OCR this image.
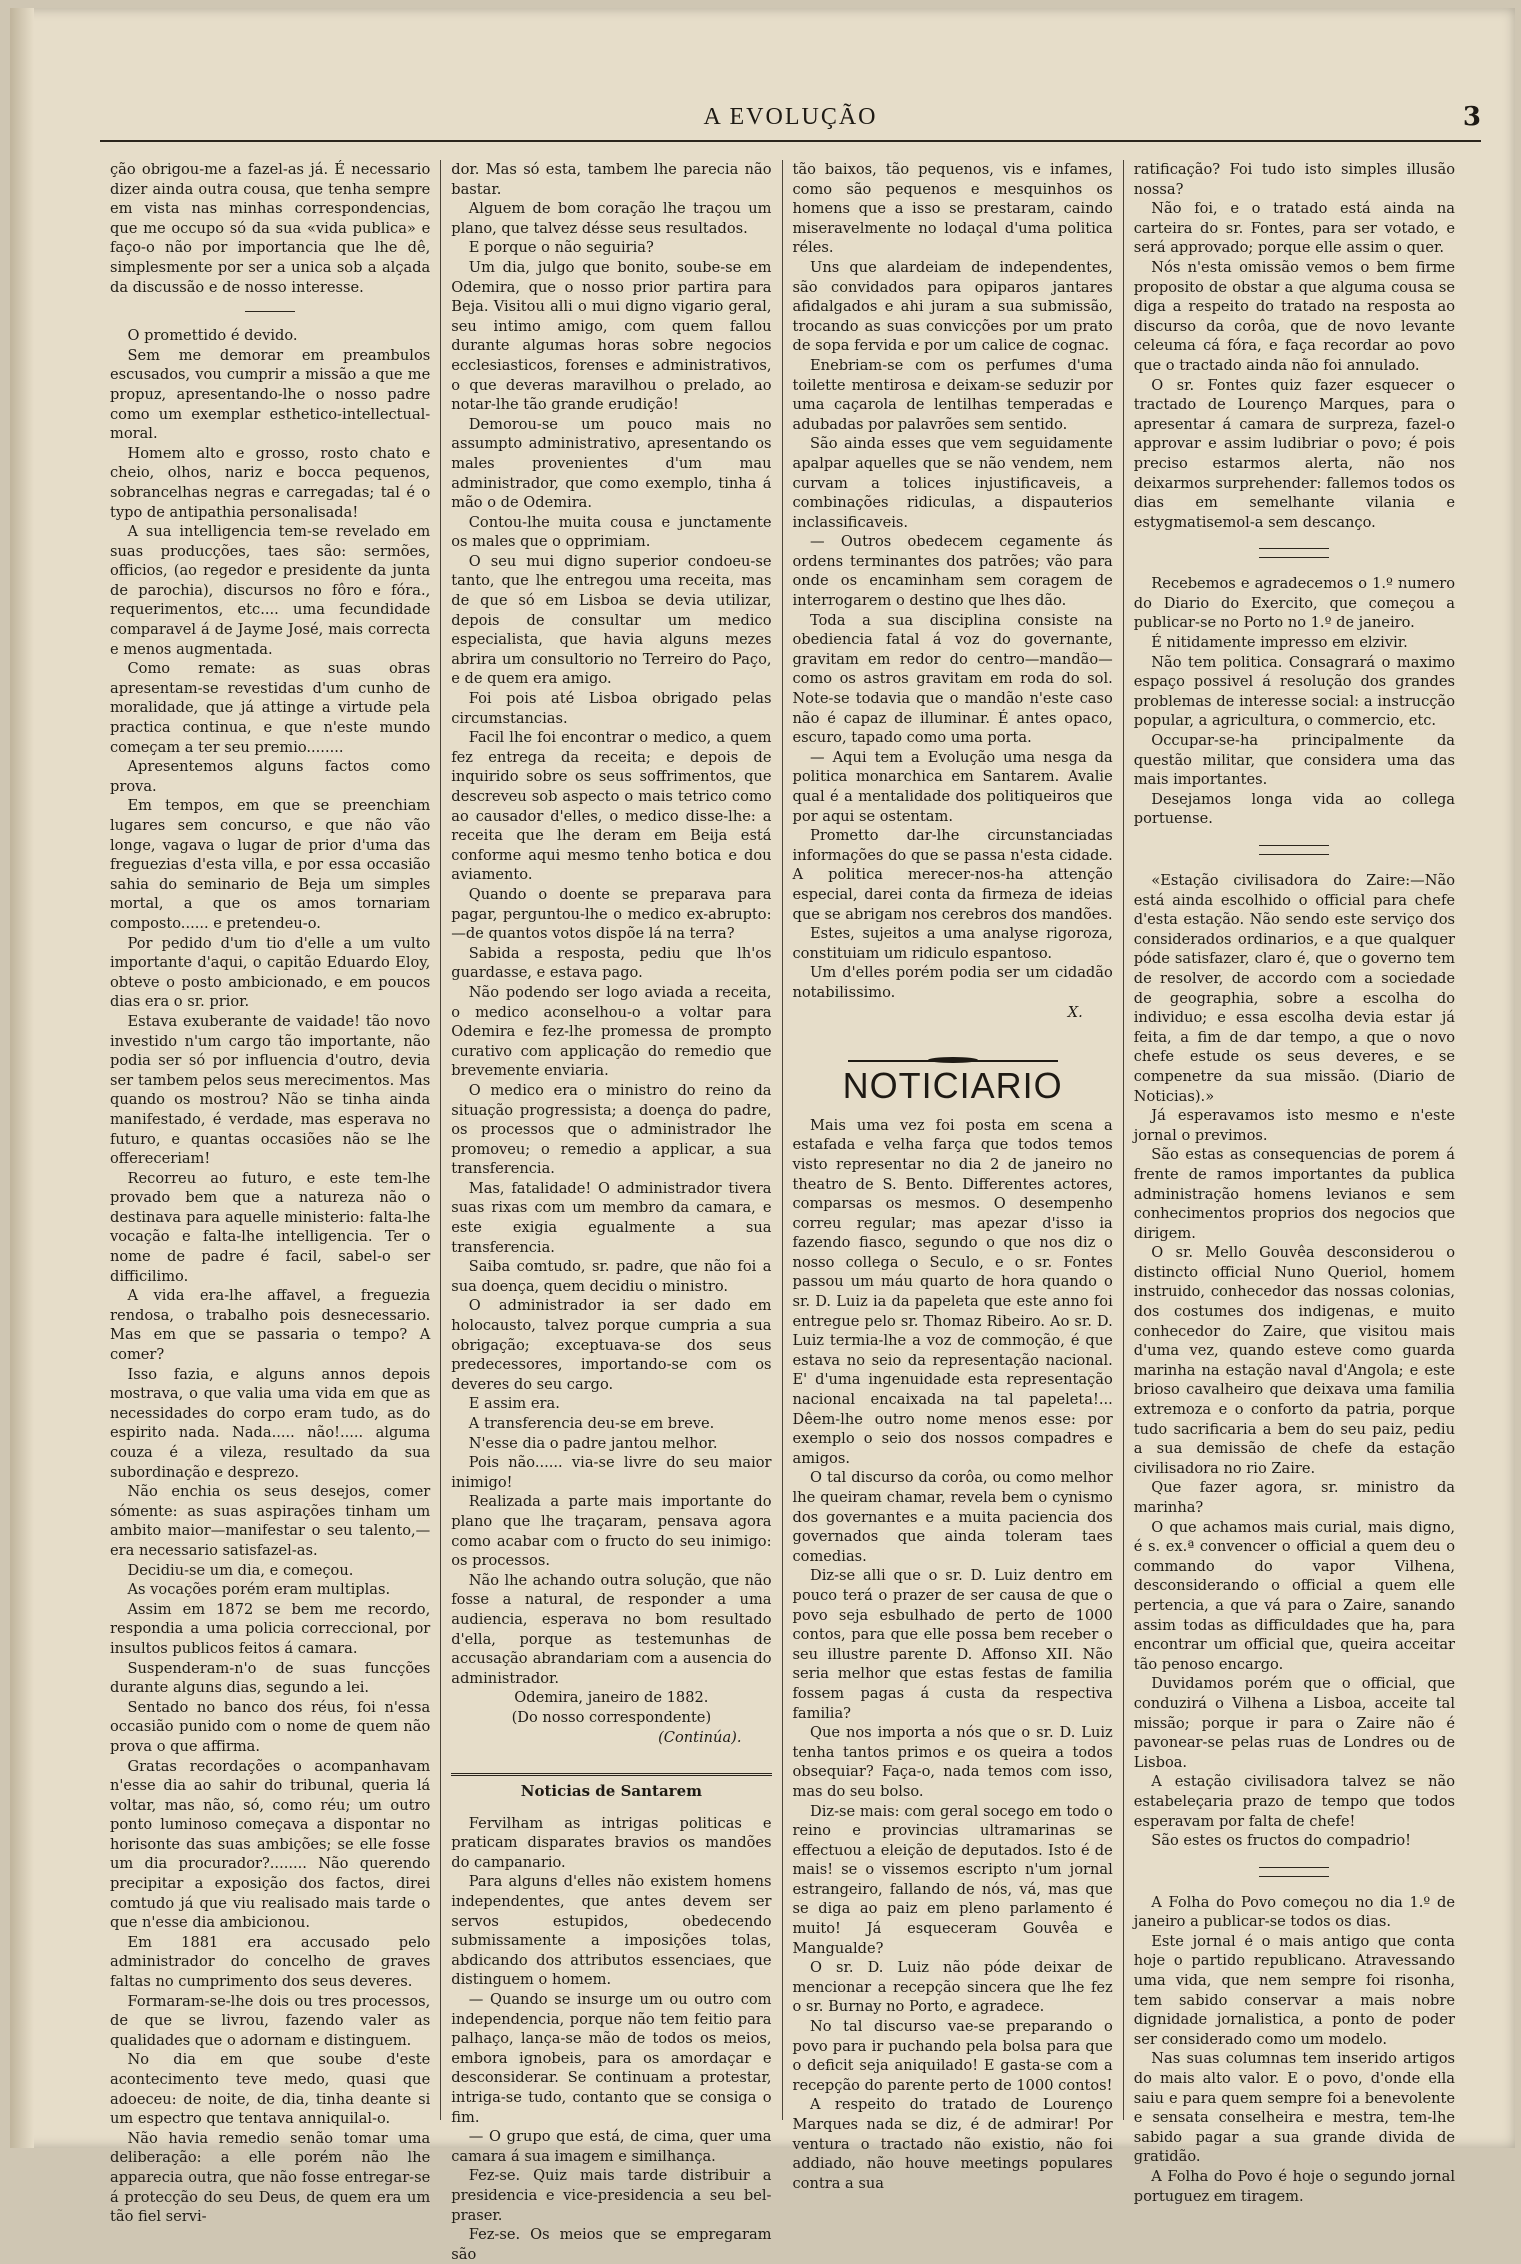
A EVOLUÇÃO	3

ção obrigou-me a fazel-as já. É necessario dizer ainda outra cousa, que tenha sempre em vista nas minhas correspondencias, que me occupo só da sua «vida publica» e faço-o não por importancia que lhe dê, simplesmente por ser a unica sob a alçada da discussão e de nosso interesse.

O promettido é devido.

Sem me demorar em preambulos escusados, vou cumprir a missão a que me propuz, apresentando-lhe o nosso padre como um exemplar esthetico-intellectual-moral.

Homem alto e grosso, rosto chato e cheio, olhos, nariz e bocca pequenos, sobrancelhas negras e carregadas; tal é o typo de antipathia personalisada!

A sua intelligencia tem-se revelado em suas producções, taes são: sermões, officios, (ao regedor e presidente da junta de parochia), discursos no fôro e fóra., requerimentos, etc.... uma fecundidade comparavel á de Jayme José, mais correcta e menos augmentada.

Como remate: as suas obras apresentam-se revestidas d'um cunho de moralidade, que já attinge a virtude pela practica continua, e que n'este mundo começam a ter seu premio........

Apresentemos alguns factos como prova.

Em tempos, em que se preenchiam lugares sem concurso, e que não vão longe, vagava o lugar de prior d'uma das freguezias d'esta villa, e por essa occasião sahia do seminario de Beja um simples mortal, a que os amos tornariam composto...... e pretendeu-o.

Por pedido d'um tio d'elle a um vulto importante d'aqui, o capitão Eduardo Eloy, obteve o posto ambicionado, e em poucos dias era o sr. prior.

Estava exuberante de vaidade! tão novo investido n'um cargo tão importante, não podia ser só por influencia d'outro, devia ser tambem pelos seus merecimentos. Mas quando os mostrou? Não se tinha ainda manifestado, é verdade, mas esperava no futuro, e quantas occasiões não se lhe offereceriam!

Recorreu ao futuro, e este tem-lhe provado bem que a natureza não o destinava para aquelle ministerio: falta-lhe vocação e falta-lhe intelligencia. Ter o nome de padre é facil, sabel-o ser difficilimo.

A vida era-lhe affavel, a freguezia rendosa, o trabalho pois desnecessario. Mas em que se passaria o tempo? A comer?

Isso fazia, e alguns annos depois mostrava, o que valia uma vida em que as necessidades do corpo eram tudo, as do espirito nada. Nada..... não!..... alguma couza é a vileza, resultado da sua subordinação e desprezo.

Não enchia os seus desejos, comer sómente: as suas aspirações tinham um ambito maior—manifestar o seu talento,—era necessario satisfazel-as.

Decidiu-se um dia, e começou.

As vocações porém eram multiplas.

Assim em 1872 se bem me recordo, respondia a uma policia correccional, por insultos publicos feitos á camara.

Suspenderam-n'o de suas funcções durante alguns dias, segundo a lei.

Sentado no banco dos réus, foi n'essa occasião punido com o nome de quem não prova o que affirma.

Gratas recordações o acompanhavam n'esse dia ao sahir do tribunal, queria lá voltar, mas não, só, como réu; um outro ponto luminoso começava a dispontar no horisonte das suas ambições; se elle fosse um dia procurador?........ Não querendo precipitar a exposição dos factos, direi comtudo já que viu realisado mais tarde o que n'esse dia ambicionou.

Em 1881 era accusado pelo administrador do concelho de graves faltas no cumprimento dos seus deveres.

Formaram-se-lhe dois ou tres processos, de que se livrou, fazendo valer as qualidades que o adornam e distinguem.

No dia em que soube d'este acontecimento teve medo, quasi que adoeceu: de noite, de dia, tinha deante si um espectro que tentava anniquilal-o.

Não havia remedio senão tomar uma deliberação: a elle porém não lhe apparecia outra, que não fosse entregar-se á protecção do seu Deus, de quem era um tão fiel servi-

dor. Mas só esta, tambem lhe parecia não bastar.

Alguem de bom coração lhe traçou um plano, que talvez désse seus resultados.

E porque o não seguiria?

Um dia, julgo que bonito, soube-se em Odemira, que o nosso prior partira para Beja. Visitou alli o mui digno vigario geral, seu intimo amigo, com quem fallou durante algumas horas sobre negocios ecclesiasticos, forenses e administrativos, o que deveras maravilhou o prelado, ao notar-lhe tão grande erudição!

Demorou-se um pouco mais no assumpto administrativo, apresentando os males provenientes d'um mau administrador, que como exemplo, tinha á mão o de Odemira.

Contou-lhe muita cousa e junctamente os males que o opprimiam.

O seu mui digno superior condoeu-se tanto, que lhe entregou uma receita, mas de que só em Lisboa se devia utilizar, depois de consultar um medico especialista, que havia alguns mezes abrira um consultorio no Terreiro do Paço, e de quem era amigo.

Foi pois até Lisboa obrigado pelas circumstancias.

Facil lhe foi encontrar o medico, a quem fez entrega da receita; e depois de inquirido sobre os seus soffrimentos, que descreveu sob aspecto o mais tetrico como ao causador d'elles, o medico disse-lhe: a receita que lhe deram em Beija está conforme aqui mesmo tenho botica e dou aviamento.

Quando o doente se preparava para pagar, perguntou-lhe o medico ex-abrupto:—de quantos votos dispõe lá na terra?

Sabida a resposta, pediu que lh'os guardasse, e estava pago.

Não podendo ser logo aviada a receita, o medico aconselhou-o a voltar para Odemira e fez-lhe promessa de prompto curativo com applicação do remedio que brevemente enviaria.

O medico era o ministro do reino da situação progressista; a doença do padre, os processos que o administrador lhe promoveu; o remedio a applicar, a sua transferencia.

Mas, fatalidade! O administrador tivera suas rixas com um membro da camara, e este exigia egualmente a sua transferencia.

Saiba comtudo, sr. padre, que não foi a sua doença, quem decidiu o ministro.

O administrador ia ser dado em holocausto, talvez porque cumpria a sua obrigação; exceptuava-se dos seus predecessores, importando-se com os deveres do seu cargo.

E assim era.

A transferencia deu-se em breve.

N'esse dia o padre jantou melhor.

Pois não...... via-se livre do seu maior inimigo!

Realizada a parte mais importante do plano que lhe traçaram, pensava agora como acabar com o fructo do seu inimigo: os processos.

Não lhe achando outra solução, que não fosse a natural, de responder a uma audiencia, esperava no bom resultado d'ella, porque as testemunhas de accusação abrandariam com a ausencia do administrador.

Odemira, janeiro de 1882.

(Do nosso correspondente)

(Continúa).

Noticias de Santarem

Fervilham as intrigas politicas e praticam disparates bravios os mandões do campanario.

Para alguns d'elles não existem homens independentes, que antes devem ser servos estupidos, obedecendo submissamente a imposições tolas, abdicando dos attributos essenciaes, que distinguem o homem.

— Quando se insurge um ou outro com independencia, porque não tem feitio para palhaço, lança-se mão de todos os meios, embora ignobeis, para os amordaçar e desconsiderar. Se continuam a protestar, intriga-se tudo, contanto que se consiga o fim.

— O grupo que está, de cima, quer uma camara á sua imagem e similhança.

Fez-se. Quiz mais tarde distribuir a presidencia e vice-presidencia a seu bel-praser.

Fez-se. Os meios que se empregaram são

tão baixos, tão pequenos, vis e infames, como são pequenos e mesquinhos os homens que a isso se prestaram, caindo miseravelmente no lodaçal d'uma politica réles.

Uns que alardeiam de independentes, são convidados para opiparos jantares afidalgados e ahi juram a sua submissão, trocando as suas convicções por um prato de sopa fervida e por um calice de cognac.

Enebriam-se com os perfumes d'uma toilette mentirosa e deixam-se seduzir por uma caçarola de lentilhas temperadas e adubadas por palavrões sem sentido.

São ainda esses que vem seguidamente apalpar aquelles que se não vendem, nem curvam a tolices injustificaveis, a combinações ridiculas, a dispauterios inclassificaveis.

— Outros obedecem cegamente ás ordens terminantes dos patrões; vão para onde os encaminham sem coragem de interrogarem o destino que lhes dão.

Toda a sua disciplina consiste na obediencia fatal á voz do governante, gravitam em redor do centro—mandão—como os astros gravitam em roda do sol. Note-se todavia que o mandão n'este caso não é capaz de illuminar. É antes opaco, escuro, tapado como uma porta.

— Aqui tem a Evolução uma nesga da politica monarchica em Santarem. Avalie qual é a mentalidade dos politiqueiros que por aqui se ostentam.

Prometto dar-lhe circunstanciadas informações do que se passa n'esta cidade. A politica merecer-nos-ha attenção especial, darei conta da firmeza de ideias que se abrigam nos cerebros dos mandões.

Estes, sujeitos a uma analyse rigoroza, constituiam um ridiculo espantoso.

Um d'elles porém podia ser um cidadão notabilissimo.

X.

NOTICIARIO

Mais uma vez foi posta em scena a estafada e velha farça que todos temos visto representar no dia 2 de janeiro no theatro de S. Bento. Differentes actores, comparsas os mesmos. O desempenho correu regular; mas apezar d'isso ia fazendo fiasco, segundo o que nos diz o nosso collega o Seculo, e o sr. Fontes passou um máu quarto de hora quando o sr. D. Luiz ia da papeleta que este anno foi entregue pelo sr. Thomaz Ribeiro. Ao sr. D. Luiz termia-lhe a voz de commoção, é que estava no seio da representação nacional. E' d'uma ingenuidade esta representação nacional encaixada na tal papeleta!... Dêem-lhe outro nome menos esse: por exemplo o seio dos nossos compadres e amigos.

O tal discurso da corôa, ou como melhor lhe queiram chamar, revela bem o cynismo dos governantes e a muita paciencia dos governados que ainda toleram taes comedias.

Diz-se alli que o sr. D. Luiz dentro em pouco terá o prazer de ser causa de que o povo seja esbulhado de perto de 1000 contos, para que elle possa bem receber o seu illustre parente D. Affonso XII. Não seria melhor que estas festas de familia fossem pagas á custa da respectiva familia?

Que nos importa a nós que o sr. D. Luiz tenha tantos primos e os queira a todos obsequiar? Faça-o, nada temos com isso, mas do seu bolso.

Diz-se mais: com geral socego em todo o reino e provincias ultramarinas se effectuou a eleição de deputados. Isto é de mais! se o vissemos escripto n'um jornal estrangeiro, fallando de nós, vá, mas que se diga ao paiz em pleno parlamento é muito! Já esqueceram Gouvêa e Mangualde?

O sr. D. Luiz não póde deixar de mencionar a recepção sincera que lhe fez o sr. Burnay no Porto, e agradece.

No tal discurso vae-se preparando o povo para ir puchando pela bolsa para que o deficit seja aniquilado! E gasta-se com a recepção do parente perto de 1000 contos!

A respeito do tratado de Lourenço Marques nada se diz, é de admirar! Por ventura o tractado não existio, não foi addiado, não houve meetings populares contra a sua

ratificação? Foi tudo isto simples illusão nossa?

Não foi, e o tratado está ainda na carteira do sr. Fontes, para ser votado, e será approvado; porque elle assim o quer.

Nós n'esta omissão vemos o bem firme proposito de obstar a que alguma cousa se diga a respeito do tratado na resposta ao discurso da corôa, que de novo levante celeuma cá fóra, e faça recordar ao povo que o tractado ainda não foi annulado.

O sr. Fontes quiz fazer esquecer o tractado de Lourenço Marques, para o apresentar á camara de surpreza, fazel-o approvar e assim ludibriar o povo; é pois preciso estarmos alerta, não nos deixarmos surprehender: fallemos todos os dias em semelhante vilania e estygmatisemol-a sem descanço.

Recebemos e agradecemos o 1.º numero do Diario do Exercito, que começou a publicar-se no Porto no 1.º de janeiro.

É nitidamente impresso em elzivir.

Não tem politica. Consagrará o maximo espaço possivel á resolução dos grandes problemas de interesse social: a instrucção popular, a agricultura, o commercio, etc.

Occupar-se-ha principalmente da questão militar, que considera uma das mais importantes.

Desejamos longa vida ao collega portuense.

«Estação civilisadora do Zaire:—Não está ainda escolhido o official para chefe d'esta estação. Não sendo este serviço dos considerados ordinarios, e a que qualquer póde satisfazer, claro é, que o governo tem de resolver, de accordo com a sociedade de geographia, sobre a escolha do individuo; e essa escolha devia estar já feita, a fim de dar tempo, a que o novo chefe estude os seus deveres, e se compenetre da sua missão. (Diario de Noticias).»

Já esperavamos isto mesmo e n'este jornal o previmos.

São estas as consequencias de porem á frente de ramos importantes da publica administração homens levianos e sem conhecimentos proprios dos negocios que dirigem.

O sr. Mello Gouvêa desconsiderou o distincto official Nuno Queriol, homem instruido, conhecedor das nossas colonias, dos costumes dos indigenas, e muito conhecedor do Zaire, que visitou mais d'uma vez, quando esteve como guarda marinha na estação naval d'Angola; e este brioso cavalheiro que deixava uma familia extremoza e o conforto da patria, porque tudo sacrificaria a bem do seu paiz, pediu a sua demissão de chefe da estação civilisadora no rio Zaire.

Que fazer agora, sr. ministro da marinha?

O que achamos mais curial, mais digno, é s. ex.ª convencer o official a quem deu o commando do vapor Vilhena, desconsiderando o official a quem elle pertencia, a que vá para o Zaire, sanando assim todas as difficuldades que ha, para encontrar um official que, queira acceitar tão penoso encargo.

Duvidamos porém que o official, que conduzirá o Vilhena a Lisboa, acceite tal missão; porque ir para o Zaire não é pavonear-se pelas ruas de Londres ou de Lisboa.

A estação civilisadora talvez se não estabeleçaria prazo de tempo que todos esperavam por falta de chefe!

São estes os fructos do compadrio!

A Folha do Povo começou no dia 1.º de janeiro a publicar-se todos os dias.

Este jornal é o mais antigo que conta hoje o partido republicano. Atravessando uma vida, que nem sempre foi risonha, tem sabido conservar a mais nobre dignidade jornalistica, a ponto de poder ser considerado como um modelo.

Nas suas columnas tem inserido artigos do mais alto valor. E o povo, d'onde ella saiu e para quem sempre foi a benevolente e sensata conselheira e mestra, tem-lhe sabido pagar a sua grande divida de gratidão.

A Folha do Povo é hoje o segundo jornal portuguez em tiragem.
